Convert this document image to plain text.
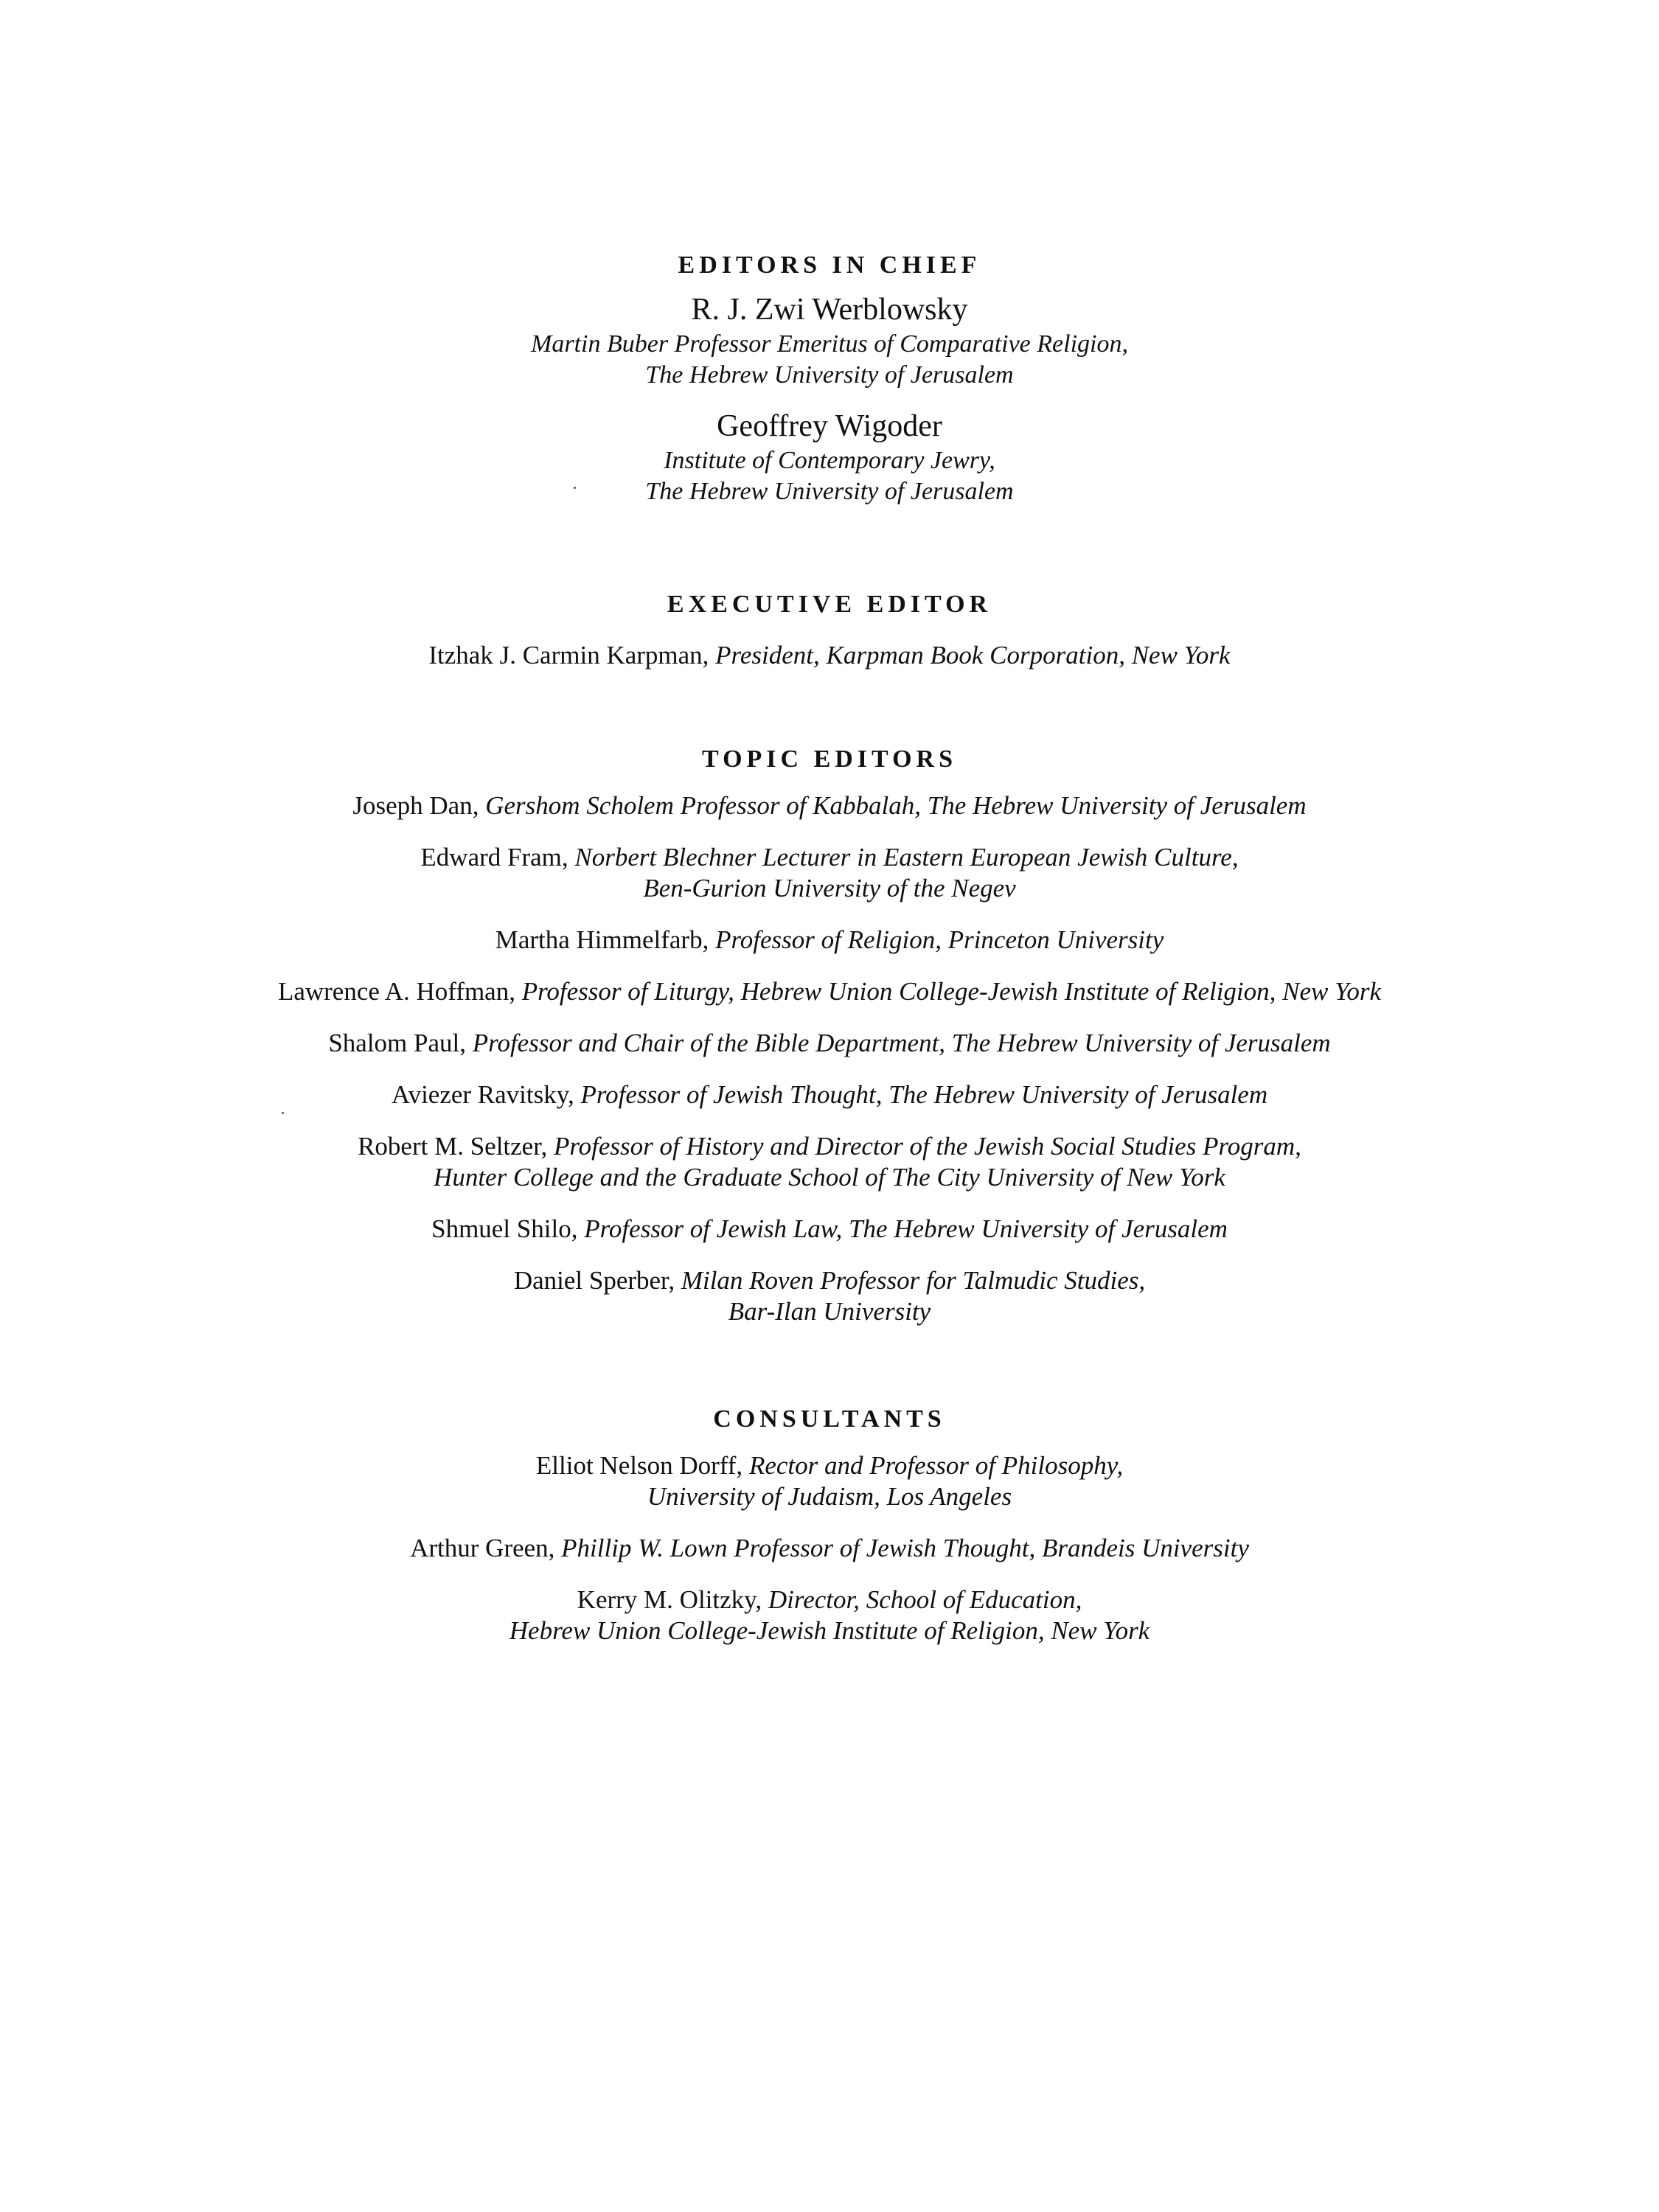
EDITORS IN CHIEF

R. J. Zwi Werblowsky

Martin Buber Professor Emeritus of Comparative Religion,

The Hebrew University of Jerusalem

Geoffrey Wigoder

Institute of Contemporary Jewry,

The Hebrew University of Jerusalem

EXECUTIVE EDITOR

Itzhak J. Carmin Karpman, President, Karpman Book Corporation, New York

TOPIC EDITORS

Joseph Dan, Gershom Scholem Professor of Kabbalah, The Hebrew University of Jerusalem

Edward Fram, Norbert Blechner Lecturer in Eastern European Jewish Culture,

Ben-Gurion University of the Negev

Martha Himmelfarb, Professor of Religion, Princeton University

Lawrence A. Hoffman, Professor of Liturgy, Hebrew Union College-Jewish Institute of Religion, New York

Shalom Paul, Professor and Chair of the Bible Department, The Hebrew University of Jerusalem

Aviezer Ravitsky, Professor of Jewish Thought, The Hebrew University of Jerusalem

Robert M. Seltzer, Professor of History and Director of the Jewish Social Studies Program,

Hunter College and the Graduate School of The City University of New York

Shmuel Shilo, Professor of Jewish Law, The Hebrew University of Jerusalem

Daniel Sperber, Milan Roven Professor for Talmudic Studies,

Bar-Ilan University

CONSULTANTS

Elliot Nelson Dorff, Rector and Professor of Philosophy,

University of Judaism, Los Angeles

Arthur Green, Phillip W. Lown Professor of Jewish Thought, Brandeis University

Kerry M. Olitzky, Director, School of Education,

Hebrew Union College-Jewish Institute of Religion, New York
